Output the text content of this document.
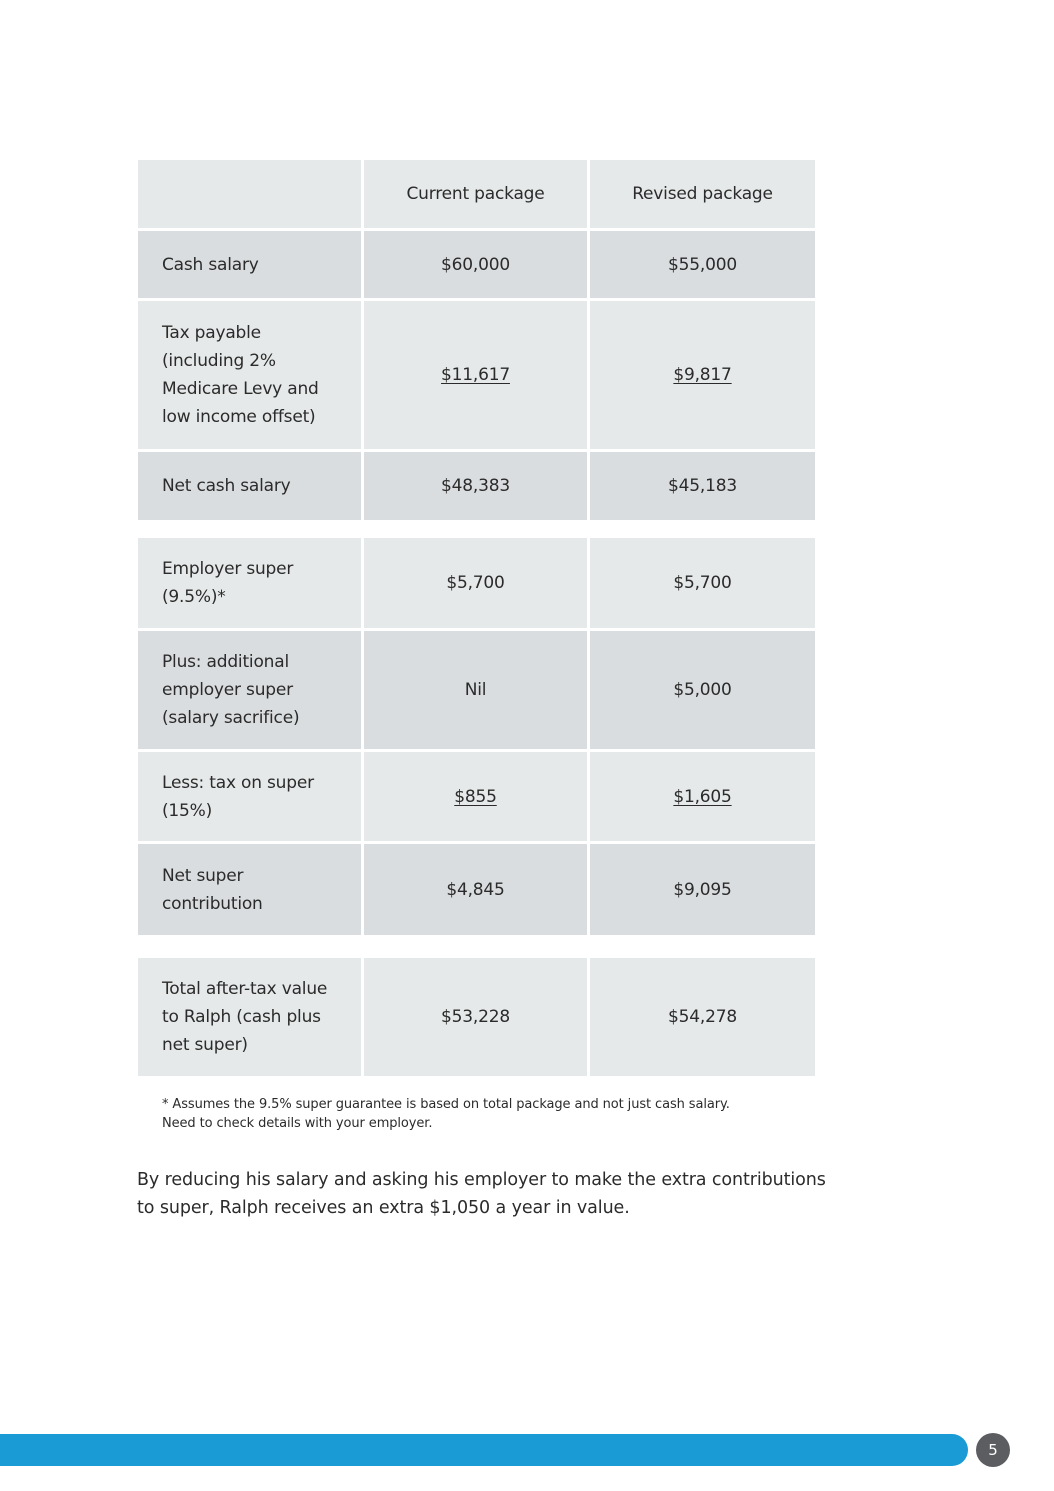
Current package	Revised package
Cash salary	$60,000	$55,000
Tax payable
(including 2%
Medicare Levy and
low income offset)
$11,617	$9,817
Net cash salary	$48,383	$45,183
Employer super
(9.5%)*
$5,700	$5,700
Plus: additional
employer super
(salary sacrifice)
Nil	$5,000
Less: tax on super
(15%)
$855	$1,605
Net super
contribution
$4,845	$9,095
Total after-tax value
to Ralph (cash plus
net super)
$53,228	$54,278
* Assumes the 9.5% super guarantee is based on total package and not just cash salary.
Need to check details with your employer.
By reducing his salary and asking his employer to make the extra contributions to super, Ralph receives an extra $1,050 a year in value.
5
